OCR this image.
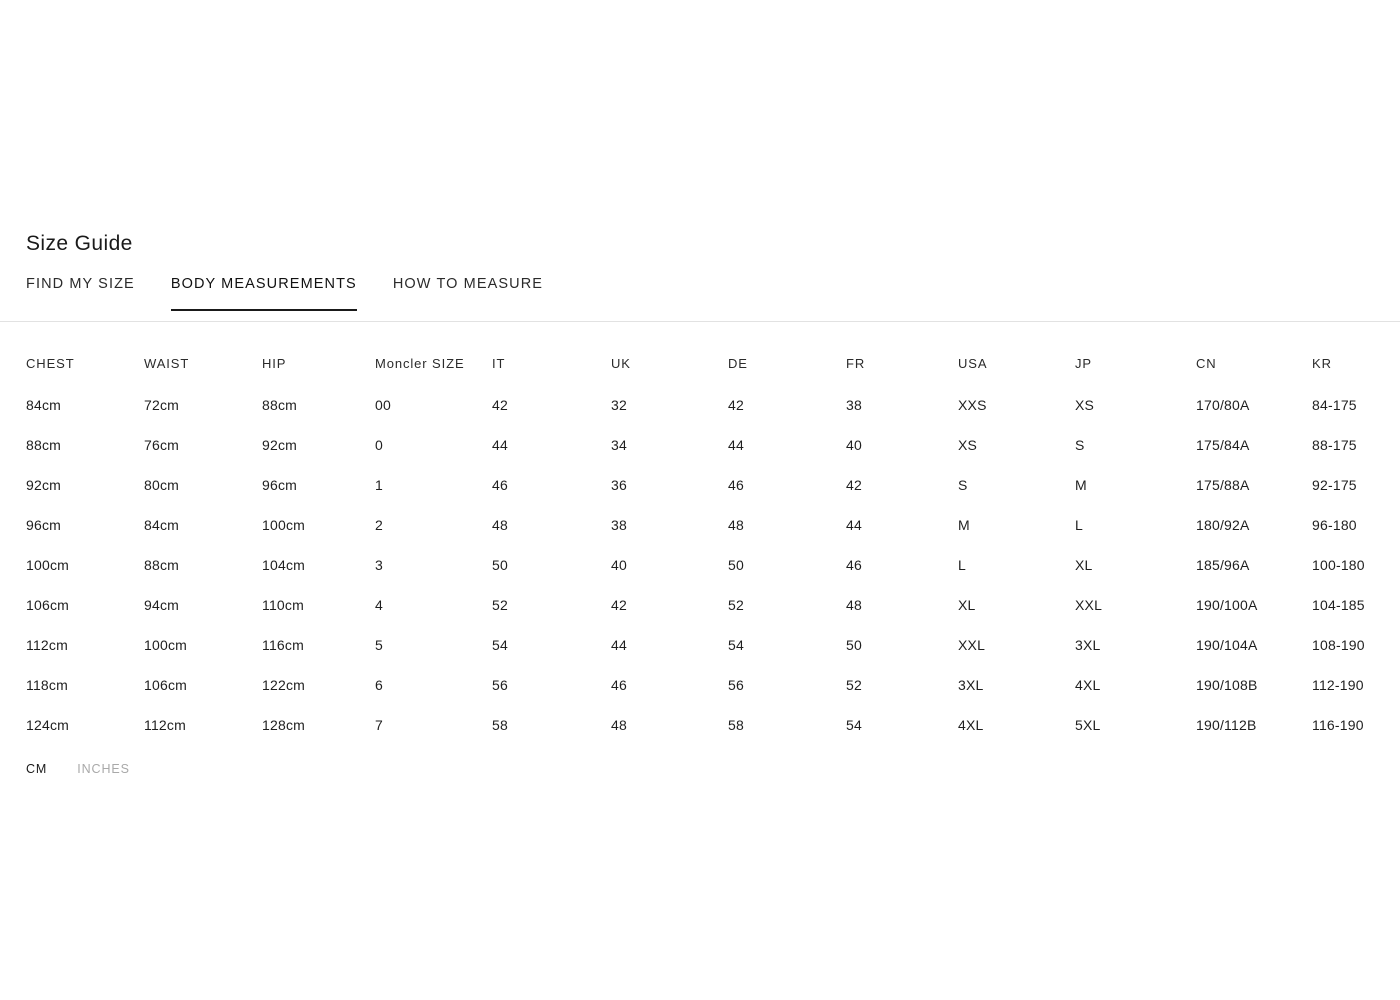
Size Guide
FIND MY SIZE BODY MEASUREMENTS HOW TO MEASURE
CHEST	WAIST	HIP	Moncler SIZE	IT	UK	DE	FR	USA	JP	CN	KR
84cm	72cm	88cm	00	42	32	42	38	XXS	XS	170/80A	84-175
88cm	76cm	92cm	0	44	34	44	40	XS	S	175/84A	88-175
92cm	80cm	96cm	1	46	36	46	42	S	M	175/88A	92-175
96cm	84cm	100cm	2	48	38	48	44	M	L	180/92A	96-180
100cm	88cm	104cm	3	50	40	50	46	L	XL	185/96A	100-180
106cm	94cm	110cm	4	52	42	52	48	XL	XXL	190/100A	104-185
112cm	100cm	116cm	5	54	44	54	50	XXL	3XL	190/104A	108-190
118cm	106cm	122cm	6	56	46	56	52	3XL	4XL	190/108B	112-190
124cm	112cm	128cm	7	58	48	58	54	4XL	5XL	190/112B	116-190
CM INCHES
